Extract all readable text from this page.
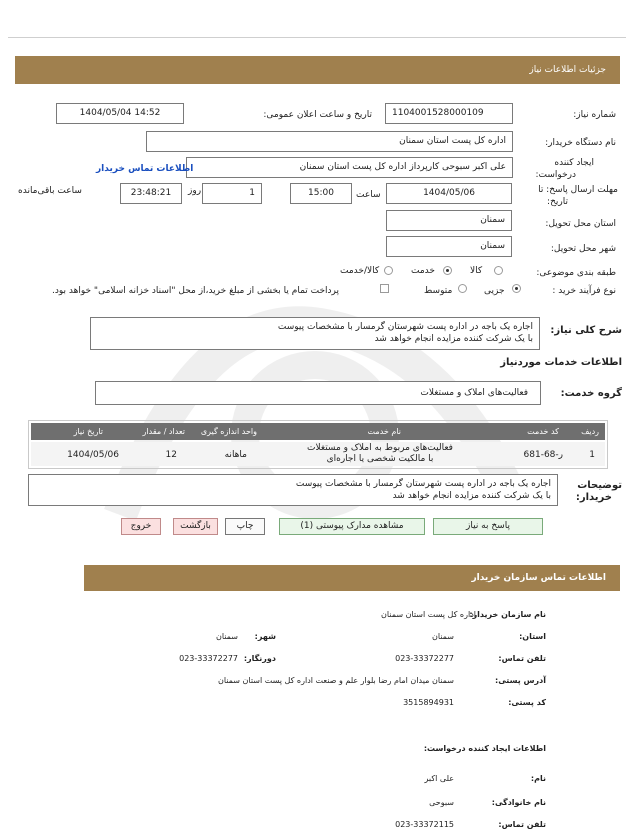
جزئیات اطلاعات نیاز
شماره نیاز:
1104001528000109
تاریخ و ساعت اعلان عمومی:
1404/05/04 14:52
نام دستگاه خریدار:
اداره کل پست استان سمنان
ایجاد کننده
درخواست:
علی اکبر سبوحی کارپرداز اداره کل پست استان سمنان
اطلاعات تماس خریدار
مهلت ارسال پاسخ: تا
تاریخ:
1404/05/06
ساعت
15:00
1
روز
23:48:21
ساعت باقی‌مانده
استان محل تحویل:
سمنان
شهر محل تحویل:
سمنان
طبقه بندی موضوعی:
کالا
خدمت
کالا/خدمت
نوع فرآیند خرید :
جزیی
متوسط
پرداخت تمام یا بخشی از مبلغ خرید،از محل "اسناد خزانه اسلامی" خواهد بود.
شرح کلی نیاز:
اجاره یک باجه در اداره پست شهرستان گرمسار با مشخصات پیوست
با یک شرکت کننده مزایده انجام خواهد شد
اطلاعات خدمات موردنیاز
گروه خدمت:
فعالیت‌های املاک و مستغلات
ردیف
کد خدمت
نام خدمت
واحد اندازه گیری
تعداد / مقدار
تاریخ نیاز
1
ر-68-681
فعالیت‌های مربوط به املاک و مستغلات
با مالکیت شخصی یا اجاره‌ای
ماهانه
12
1404/05/06
توضیحات
خریدار:
اجاره یک باجه در اداره پست شهرستان گرمسار با مشخصات پیوست
با یک شرکت کننده مزایده انجام خواهد شد
پاسخ به نیاز
مشاهده مدارک پیوستی (1)
چاپ
بازگشت
خروج
اطلاعات تماس سازمان خریدار
نام سازمان خریدار:
اداره کل پست استان سمنان
استان:
سمنان
شهر:
سمنان
تلفن تماس:
023-33372277
دورنگار:
023-33372277
آدرس پستی:
سمنان میدان امام رضا بلوار علم و صنعت اداره کل پست استان سمنان
کد پستی:
3515894931
اطلاعات ایجاد کننده درخواست:
نام:
علی اکبر
نام خانوادگی:
سبوحی
تلفن تماس:
023-33372115
